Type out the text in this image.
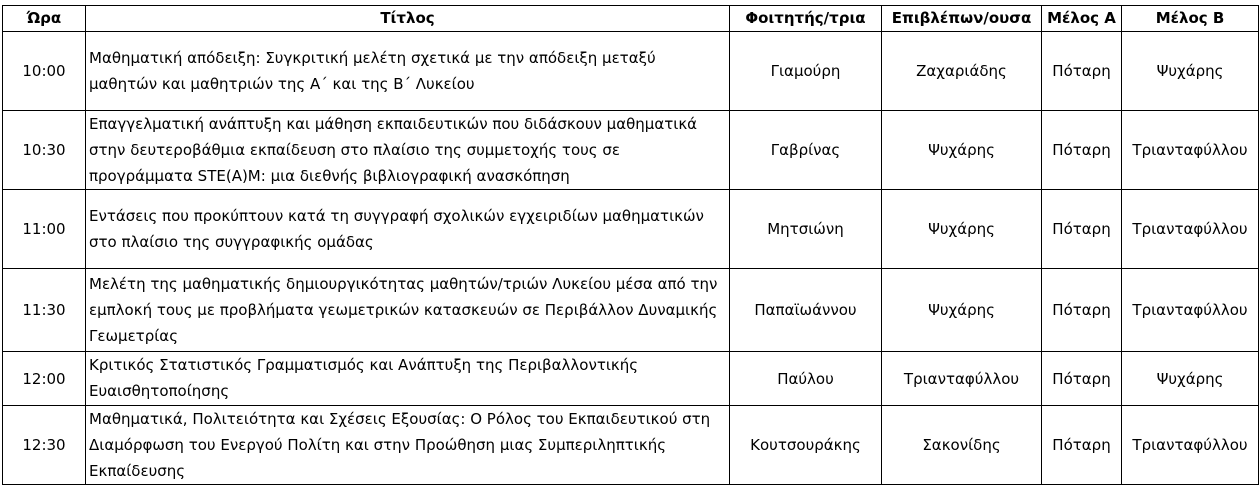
Ώρα	Τίτλος	Φοιτητής/τρια	Επιβλέπων/ουσα	Μέλος Α	Μέλος Β
10:00	Μαθηματική απόδειξη: Συγκριτική μελέτη σχετικά με την απόδειξη μεταξύ μαθητών και μαθητριών της Α΄ και της Β΄ Λυκείου	Γιαμούρη	Ζαχαριάδης	Πόταρη	Ψυχάρης
10:30	Επαγγελματική ανάπτυξη και μάθηση εκπαιδευτικών που διδάσκουν μαθηματικά στην δευτεροβάθμια εκπαίδευση στο πλαίσιο της συμμετοχής τους σε προγράμματα STE(A)M: μια διεθνής βιβλιογραφική ανασκόπηση	Γαβρίνας	Ψυχάρης	Πόταρη	Τριανταφύλλου
11:00	Εντάσεις που προκύπτουν κατά τη συγγραφή σχολικών εγχειριδίων μαθηματικών στο πλαίσιο της συγγραφικής ομάδας	Μητσιώνη	Ψυχάρης	Πόταρη	Τριανταφύλλου
11:30	Μελέτη της μαθηματικής δημιουργικότητας μαθητών/τριών Λυκείου μέσα από την εμπλοκή τους με προβλήματα γεωμετρικών κατασκευών σε Περιβάλλον Δυναμικής Γεωμετρίας	Παπαϊωάννου	Ψυχάρης	Πόταρη	Τριανταφύλλου
12:00	Κριτικός Στατιστικός Γραμματισμός και Ανάπτυξη της Περιβαλλοντικής Ευαισθητοποίησης	Παύλου	Τριανταφύλλου	Πόταρη	Ψυχάρης
12:30	Μαθηματικά, Πολιτειότητα και Σχέσεις Εξουσίας: Ο Ρόλος του Εκπαιδευτικού στη Διαμόρφωση του Ενεργού Πολίτη και στην Προώθηση μιας Συμπεριληπτικής Εκπαίδευσης	Κουτσουράκης	Σακονίδης	Πόταρη	Τριανταφύλλου
